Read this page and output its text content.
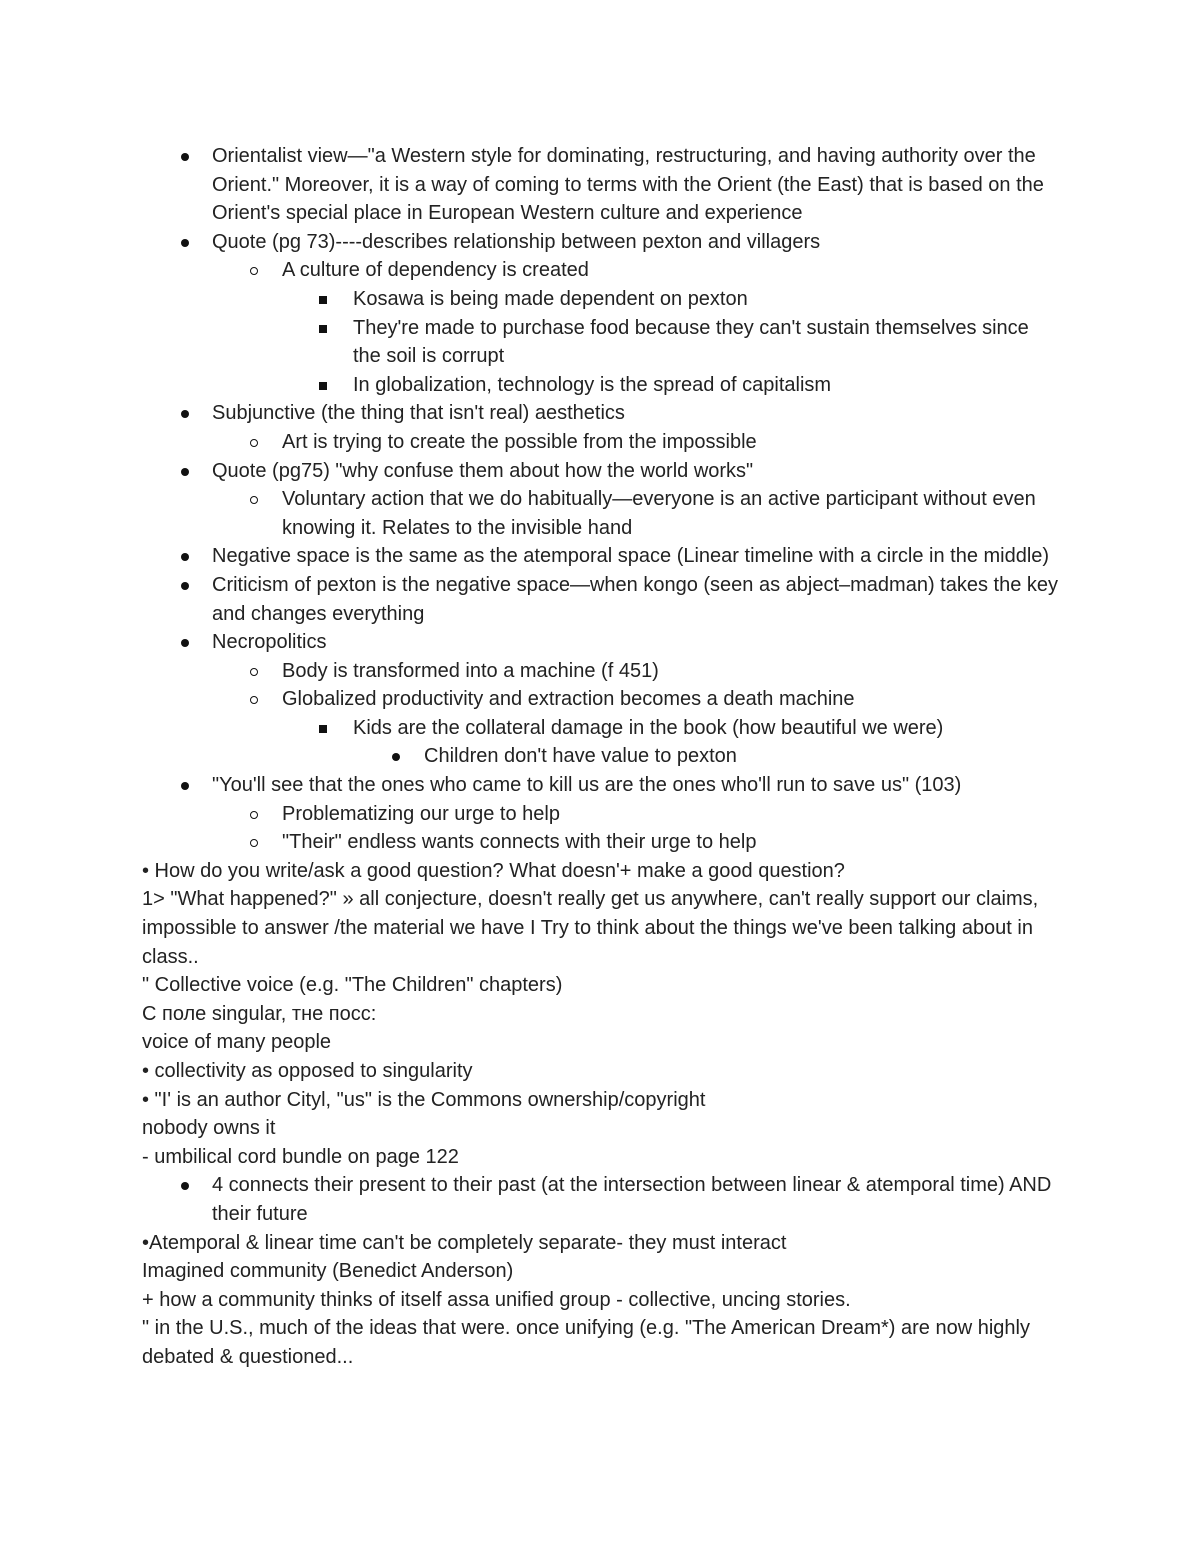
Orientalist view—"a Western style for dominating, restructuring, and having authority over the Orient." Moreover, it is a way of coming to terms with the Orient (the East) that is based on the Orient's special place in European Western culture and experience
Quote (pg 73)----describes relationship between pexton and villagers
A culture of dependency is created
Kosawa is being made dependent on pexton
They're made to purchase food because they can't sustain themselves since the soil is corrupt
In globalization, technology is the spread of capitalism
Subjunctive (the thing that isn't real) aesthetics
Art is trying to create the possible from the impossible
Quote (pg75) "why confuse them about how the world works"
Voluntary action that we do habitually—everyone is an active participant without even knowing it. Relates to the invisible hand
Negative space is the same as the atemporal space (Linear timeline with a circle in the middle)
Criticism of pexton is the negative space—when kongo (seen as abject–madman) takes the key and changes everything
Necropolitics
Body is transformed into a machine (f 451)
Globalized productivity and extraction becomes a death machine
Kids are the collateral damage in the book (how beautiful we were)
Children don't have value to pexton
"You'll see that the ones who came to kill us are the ones who'll run to save us" (103)
Problematizing our urge to help
"Their" endless wants connects with their urge to help
• How do you write/ask a good question? What doesn'+ make a good question?
1> "What happened?" » all conjecture, doesn't really get us anywhere, can't really support our claims, impossible to answer /the material we have I Try to think about the things we've been talking about in class..
" Collective voice (e.g. "The Children" chapters)
С поле singular, тне посс:
voice of many people
• collectivity as opposed to singularity
• "I' is an author Cityl, "us" is the Commons ownership/copyright
nobody owns it
- umbilical cord bundle on page 122
4 connects their present to their past (at the intersection between linear & atemporal time) AND their future
•Atemporal & linear time can't be completely separate- they must interact
Imagined community (Benedict Anderson)
+ how a community thinks of itself assa unified group - collective, uncing stories.
" in the U.S., much of the ideas that were. once unifying (e.g. "The American Dream*) are now highly debated & questioned...
